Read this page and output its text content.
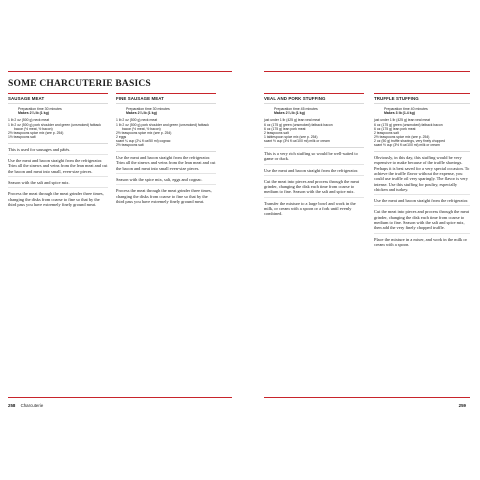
SOME CHARCUTERIE BASICS
SAUSAGE MEAT
Preparation time 30 minutes
Makes 2¼ lb (1 kg)
1 lb 2 oz (500 g) neck meat
1 lb 2 oz (500 g) pork shoulder and green (unsmoked) fatback bacon (½ meat, ½ bacon)
2½ teaspoons spice mix (see p. 254)
1½ teaspoons salt

This is used for sausages and pâtés.

Use the meat and bacon straight from the refrigerator. Trim all the sinews and veins from the lean meat and cut the bacon and meat into small, even-size pieces.

Season with the salt and spice mix.

Process the meat through the meat grinder three times, changing the disks from coarse to fine so that by the third pass you have extremely finely ground meat.

FINE SAUSAGE MEAT
Preparation time 30 minutes
Makes 2¼ lb (1 kg)
1 lb 2 oz (500 g) neck meat
1 lb 2 oz (500 g) pork shoulder and green (unsmoked) fatback bacon (½ meat, ½ bacon)
2½ teaspoons spice mix (see p. 254)
2 eggs
scant ¼ cup (2¼ fl oz/50 ml) cognac
2½ teaspoons salt

Use the meat and bacon straight from the refrigerator. Trim all the sinews and veins from the lean meat and cut the bacon and meat into small even-size pieces.

Season with the spice mix, salt, eggs and cognac.

Process the meat through the meat grinder three times, changing the disks from coarse to fine so that by the third pass you have extremely finely ground meat.

258 Charcuterie
VEAL AND PORK STUFFING
Preparation time 45 minutes
Makes 2¼ lb (1 kg)
just under 1 lb (425 g) lean veal meat
6 oz (175 g) green (unsmoked) fatback bacon
6 oz (175 g) lean pork meat
2 teaspoons salt
1 tablespoon spice mix (see p. 254)
scant ½ cup (3½ fl oz/100 ml) milk or cream

This is a very rich stuffing so would be well-suited to game or duck.

Use the meat and bacon straight from the refrigerator.

Cut the meat into pieces and process through the meat grinder, changing the disk each time from coarse to medium to fine. Season with the salt and spice mix.

Transfer the mixture to a large bowl and work in the milk, or cream with a spoon or a fork until evenly combined.

TRUFFLE STUFFING
Preparation time 40 minutes
Makes 3 lb (1.4 kg)
just under 1 lb (425 g) lean veal meat
6 oz (175 g) green (unsmoked) fatback bacon
6 oz (175 g) lean pork meat
2 teaspoons salt
2½ teaspoons spice mix (see p. 254)
2 oz (50 g) truffle shavings, very finely chopped
scant ½ cup (3½ fl oz/100 ml) milk or cream

Obviously, in this day, this stuffing would be very expensive to make because of the truffle shavings. Perhaps it is best saved for a very special occasion. To achieve the truffle flavor without the expense, you could use truffle oil very sparingly. The flavor is very intense. Use this stuffing for poultry, especially chicken and turkey.

Use the meat and bacon straight from the refrigerator.

Cut the meat into pieces and process through the meat grinder, changing the disk each time from coarse to medium to fine. Season with the salt and spice mix, then add the very finely chopped truffle.

Place the mixture in a mixer, and work in the milk or cream with a spoon.

259
